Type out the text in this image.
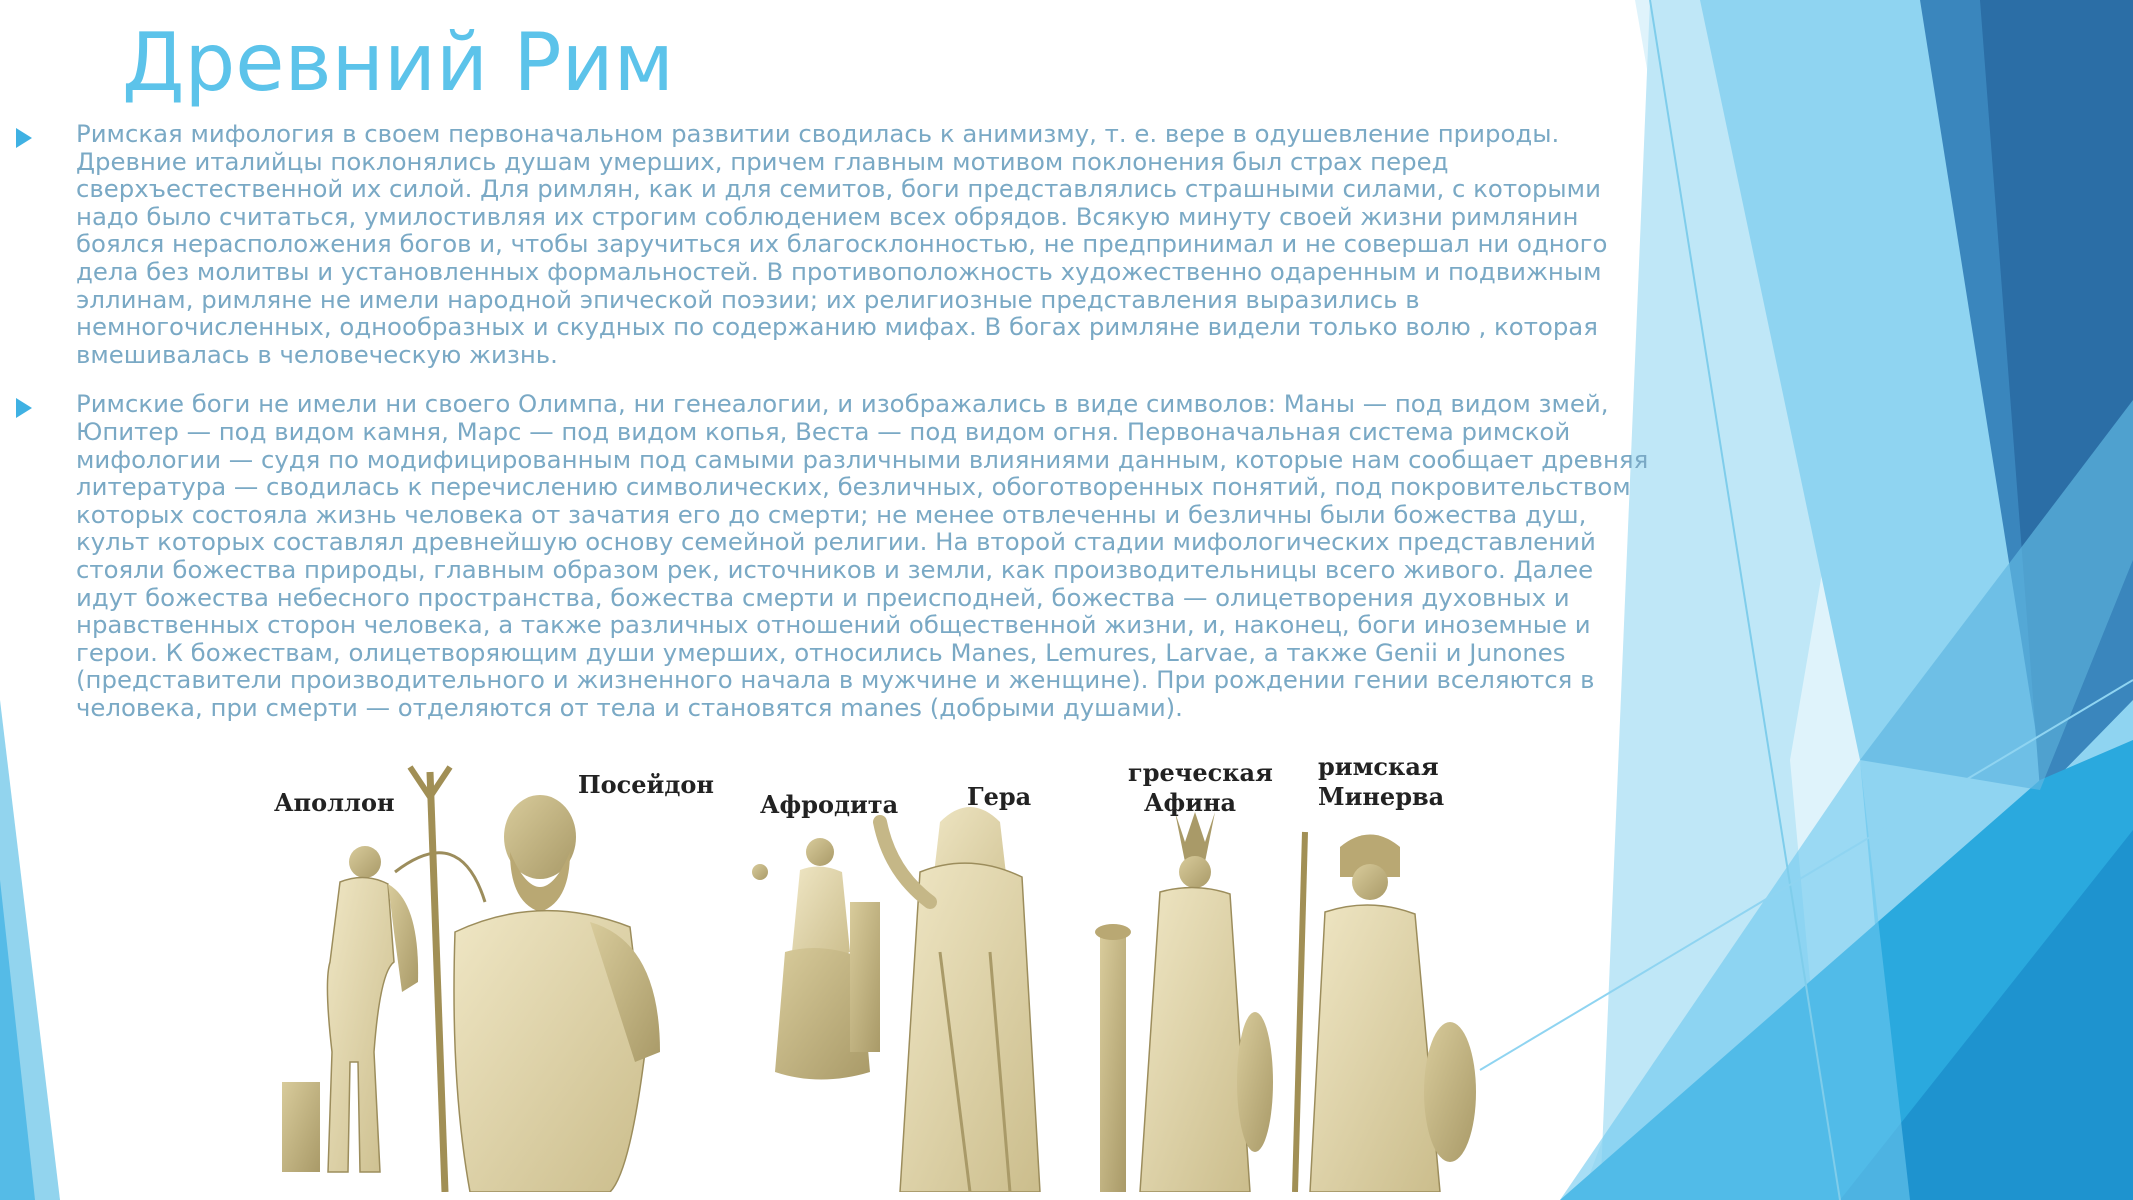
Древний Рим

Римская мифология в своем первоначальном развитии сводилась к анимизму, т. е. вере в одушевление природы. Древние италийцы поклонялись душам умерших, причем главным мотивом поклонения был страх перед сверхъестественной их силой. Для римлян, как и для семитов, боги представлялись страшными силами, с которыми надо было считаться, умилостивляя их строгим соблюдением всех обрядов. Всякую минуту своей жизни римлянин боялся нерасположения богов и, чтобы заручиться их благосклонностью, не предпринимал и не совершал ни одного дела без молитвы и установленных формальностей. В противоположность художественно одаренным и подвижным эллинам, римляне не имели народной эпической поэзии; их религиозные представления выразились в немногочисленных, однообразных и скудных по содержанию мифах. В богах римляне видели только волю , которая вмешивалась в человеческую жизнь.

Римские боги не имели ни своего Олимпа, ни генеалогии, и изображались в виде символов: Маны — под видом змей, Юпитер — под видом камня, Марс — под видом копья, Веста — под видом огня. Первоначальная система римской мифологии — судя по модифицированным под самыми различными влияниями данным, которые нам сообщает древняя литература — сводилась к перечислению символических, безличных, обоготворенных понятий, под покровительством которых состояла жизнь человека от зачатия его до смерти; не менее отвлеченны и безличны были божества душ, культ которых составлял древнейшую основу семейной религии. На второй стадии мифологических представлений стояли божества природы, главным образом рек, источников и земли, как производительницы всего живого. Далее идут божества небесного пространства, божества смерти и преисподней, божества — олицетворения духовных и нравственных сторон человека, а также различных отношений общественной жизни, и, наконец, боги иноземные и герои. К божествам, олицетворяющим души умерших, относились Manes, Lemures, Larvae, а также Genii и Junones (представители производительного и жизненного начала в мужчине и женщине). При рождении гении вселяются в человека, при смерти — отделяются от тела и становятся manes (добрыми душами).

Аполлон
Посейдон
Афродита	Гера
греческая
Афина
римская
Минерва
